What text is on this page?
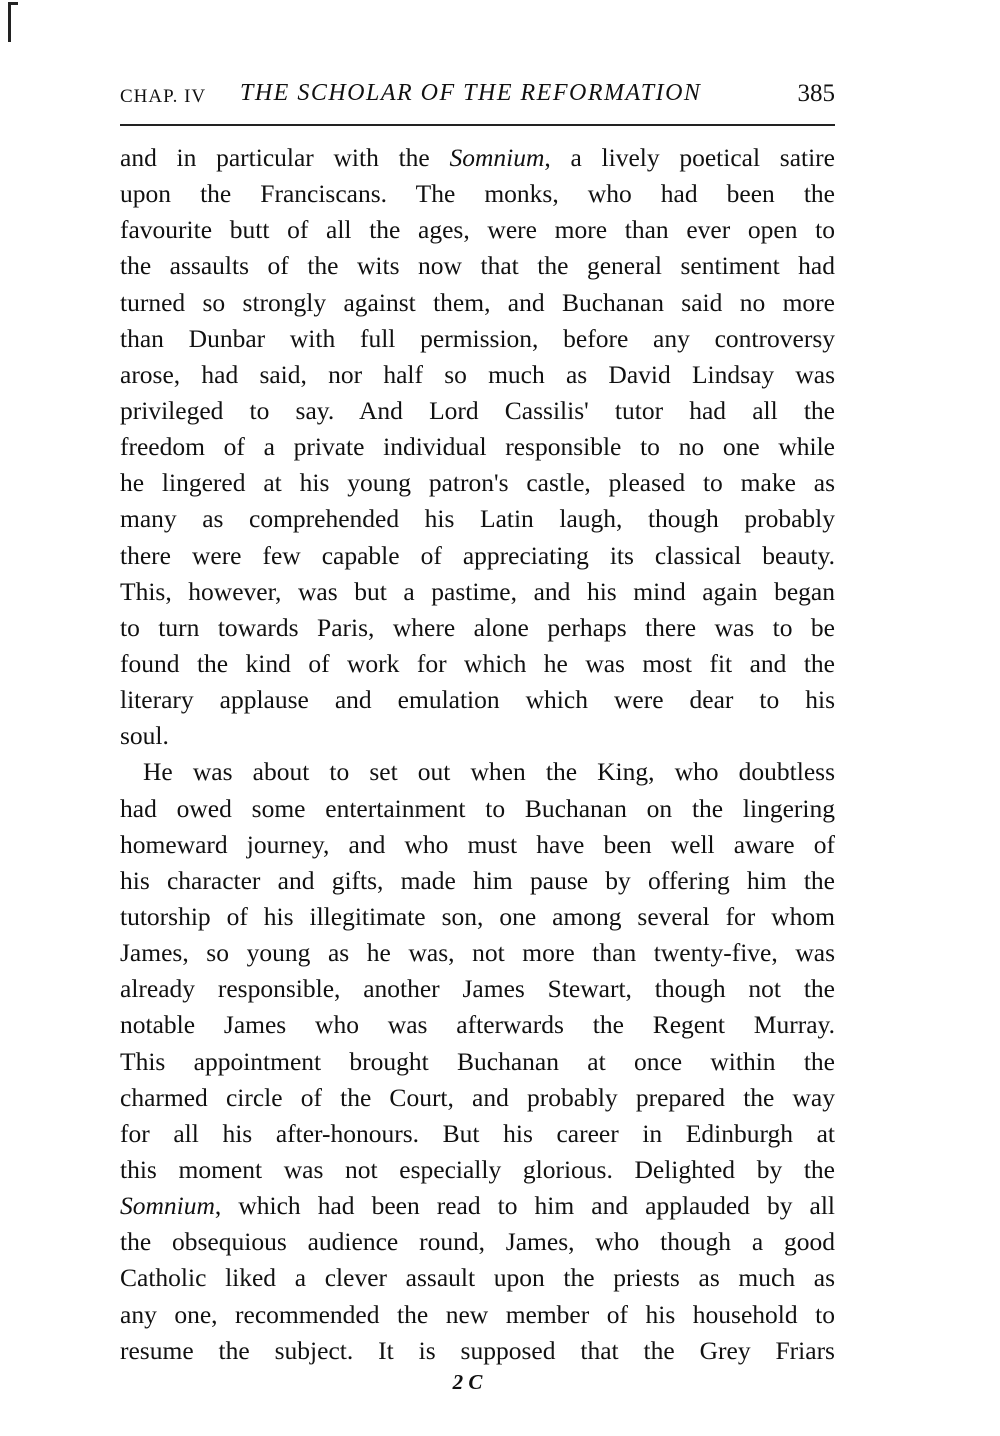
CHAP. IV THE SCHOLAR OF THE REFORMATION	385
and in particular with the Somnium, a lively poetical satire
upon the Franciscans. The monks, who had been the
favourite butt of all the ages, were more than ever open to
the assaults of the wits now that the general sentiment had
turned so strongly against them, and Buchanan said no more
than Dunbar with full permission, before any controversy
arose, had said, nor half so much as David Lindsay was
privileged to say. And Lord Cassilis' tutor had all the
freedom of a private individual responsible to no one while
he lingered at his young patron's castle, pleased to make as
many as comprehended his Latin laugh, though probably
there were few capable of appreciating its classical beauty.
This, however, was but a pastime, and his mind again began
to turn towards Paris, where alone perhaps there was to be
found the kind of work for which he was most fit and the
literary applause and emulation which were dear to his
soul.
He was about to set out when the King, who doubtless
had owed some entertainment to Buchanan on the lingering
homeward journey, and who must have been well aware of
his character and gifts, made him pause by offering him the
tutorship of his illegitimate son, one among several for whom
James, so young as he was, not more than twenty-five, was
already responsible, another James Stewart, though not the
notable James who was afterwards the Regent Murray.
This appointment brought Buchanan at once within the
charmed circle of the Court, and probably prepared the way
for all his after-honours. But his career in Edinburgh at
this moment was not especially glorious. Delighted by the
Somnium, which had been read to him and applauded by all
the obsequious audience round, James, who though a good
Catholic liked a clever assault upon the priests as much as
any one, recommended the new member of his household to
resume the subject. It is supposed that the Grey Friars
2 C
